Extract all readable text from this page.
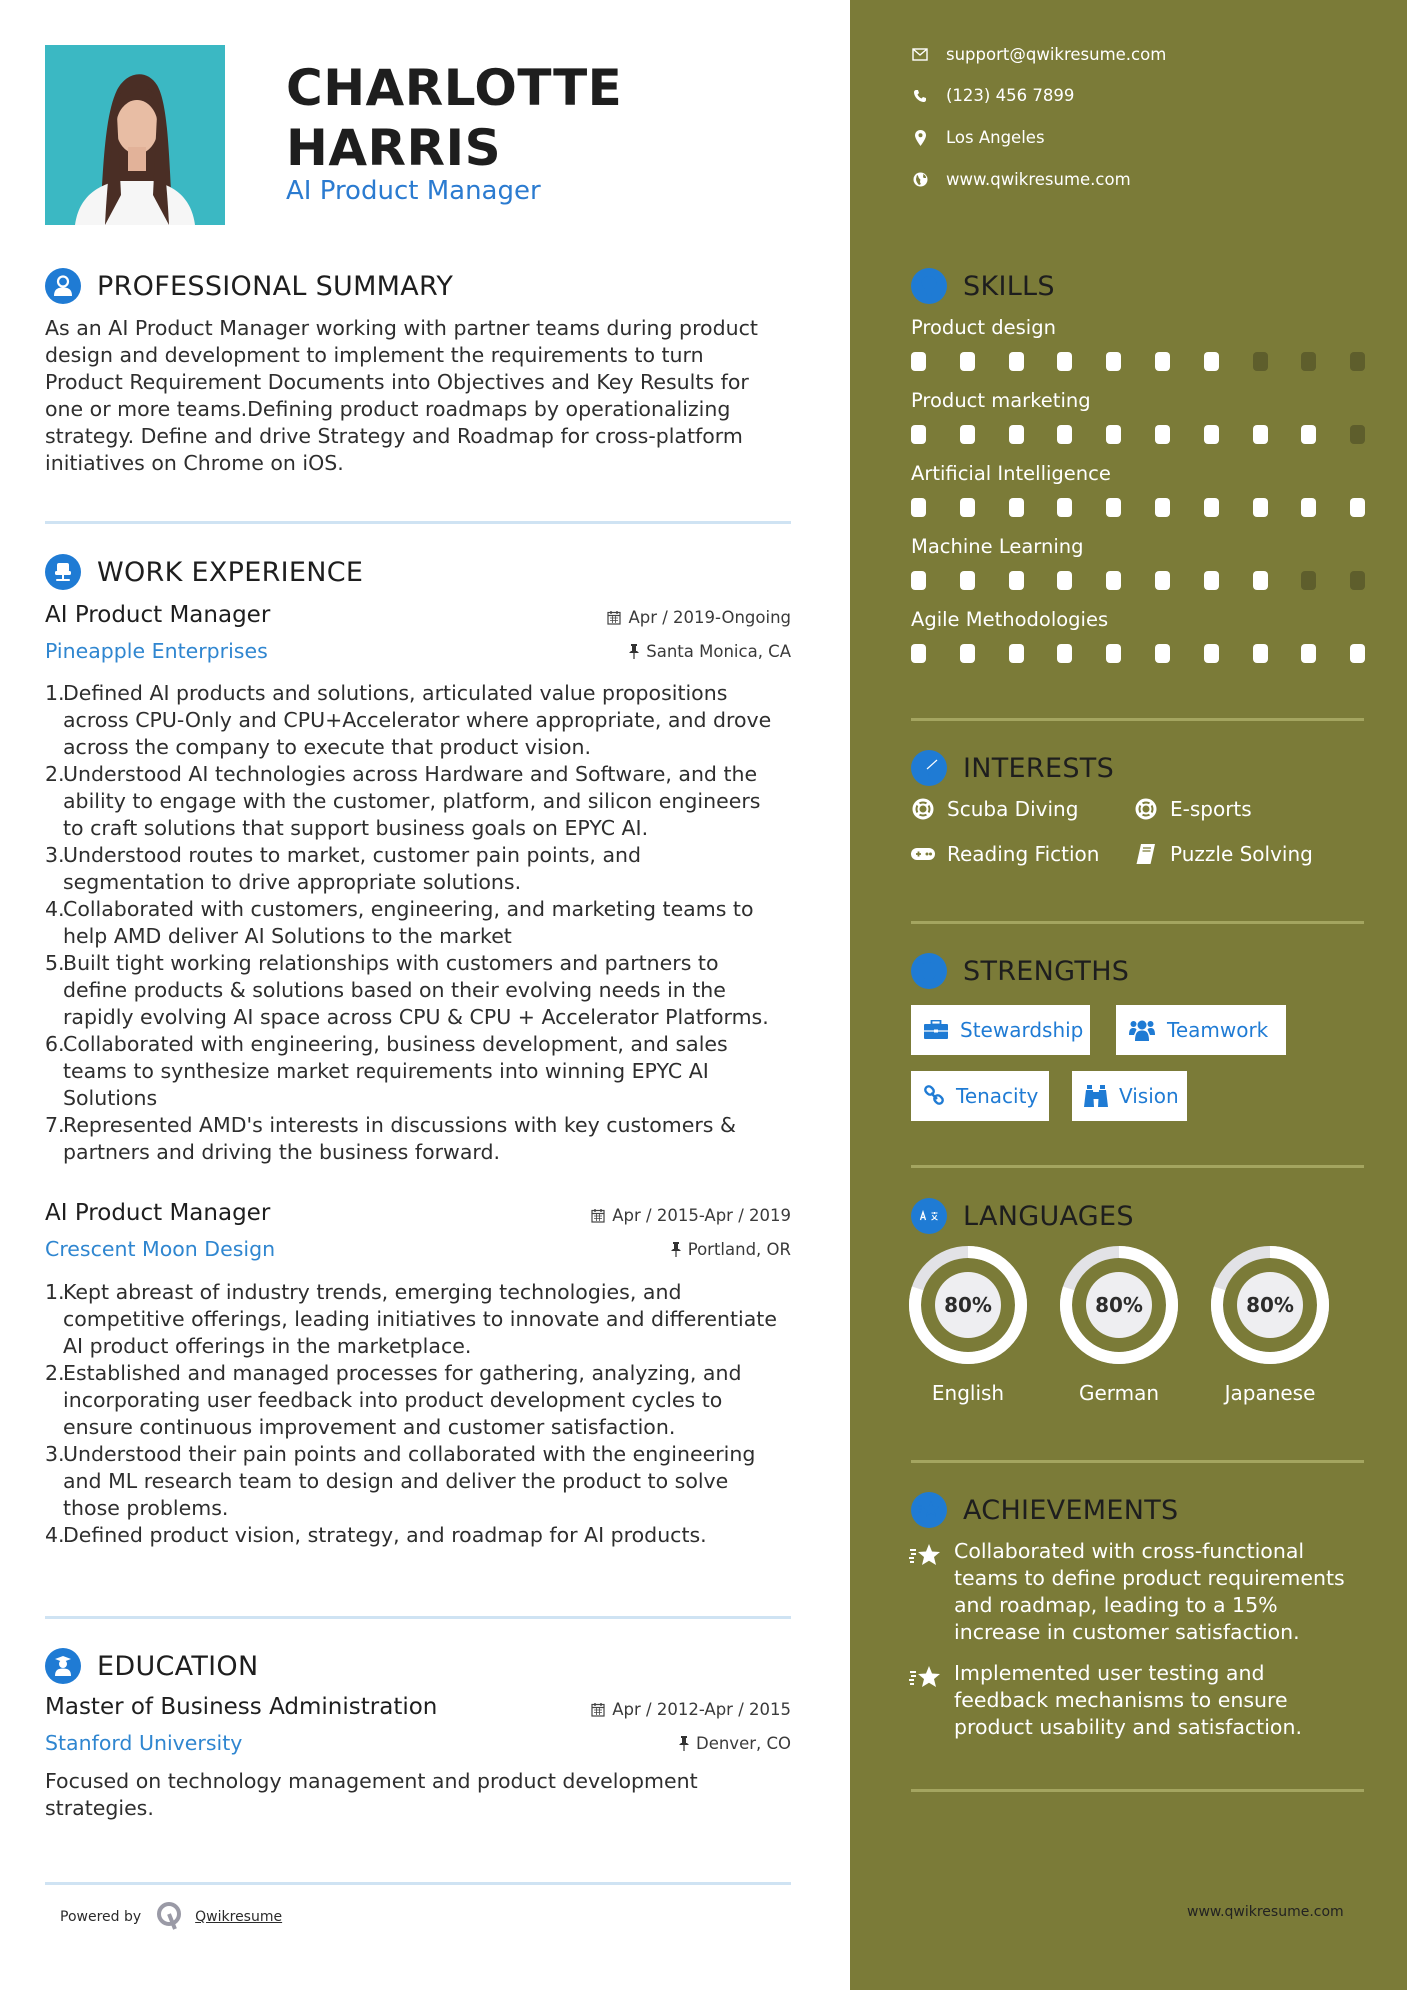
CHARLOTTE
HARRIS
AI Product Manager
PROFESSIONAL SUMMARY
As an AI Product Manager working with partner teams during product
design and development to implement the requirements to turn
Product Requirement Documents into Objectives and Key Results for
one or more teams.Defining product roadmaps by operationalizing
strategy. Define and drive Strategy and Roadmap for cross-platform
initiatives on Chrome on iOS.
WORK EXPERIENCE
AI Product Manager
Pineapple Enterprises
Apr / 2019-Ongoing
Santa Monica, CA
1.
Defined AI products and solutions, articulated value propositions
across CPU-Only and CPU+Accelerator where appropriate, and drove
across the company to execute that product vision.
2.
Understood AI technologies across Hardware and Software, and the
ability to engage with the customer, platform, and silicon engineers
to craft solutions that support business goals on EPYC AI.
3.
Understood routes to market, customer pain points, and
segmentation to drive appropriate solutions.
4.
Collaborated with customers, engineering, and marketing teams to
help AMD deliver AI Solutions to the market
5.
Built tight working relationships with customers and partners to
define products & solutions based on their evolving needs in the
rapidly evolving AI space across CPU & CPU + Accelerator Platforms.
6.
Collaborated with engineering, business development, and sales
teams to synthesize market requirements into winning EPYC AI
Solutions
7.
Represented AMD's interests in discussions with key customers &
partners and driving the business forward.
AI Product Manager
Crescent Moon Design
Apr / 2015-Apr / 2019
Portland, OR
1.
Kept abreast of industry trends, emerging technologies, and
competitive offerings, leading initiatives to innovate and differentiate
AI product offerings in the marketplace.
2.
Established and managed processes for gathering, analyzing, and
incorporating user feedback into product development cycles to
ensure continuous improvement and customer satisfaction.
3.
Understood their pain points and collaborated with the engineering
and ML research team to design and deliver the product to solve
those problems.
4.
Defined product vision, strategy, and roadmap for AI products.
EDUCATION
Master of Business Administration
Stanford University
Apr / 2012-Apr / 2015
Denver, CO
Focused on technology management and product development
strategies.
Powered by	Qwikresume
support@qwikresume.com
(123) 456 7899
Los Angeles
www.qwikresume.com
SKILLS
Product design
Product marketing
Artificial Intelligence
Machine Learning
Agile Methodologies
INTERESTS
Scuba Diving	E-sports
Reading Fiction	Puzzle Solving
STRENGTHS
Stewardship	Teamwork
Tenacity	Vision
LANGUAGES
80%
English
80%
German
80%
Japanese
ACHIEVEMENTS
Collaborated with cross-functional
teams to define product requirements
and roadmap, leading to a 15%
increase in customer satisfaction.
Implemented user testing and
feedback mechanisms to ensure
product usability and satisfaction.
www.qwikresume.com
